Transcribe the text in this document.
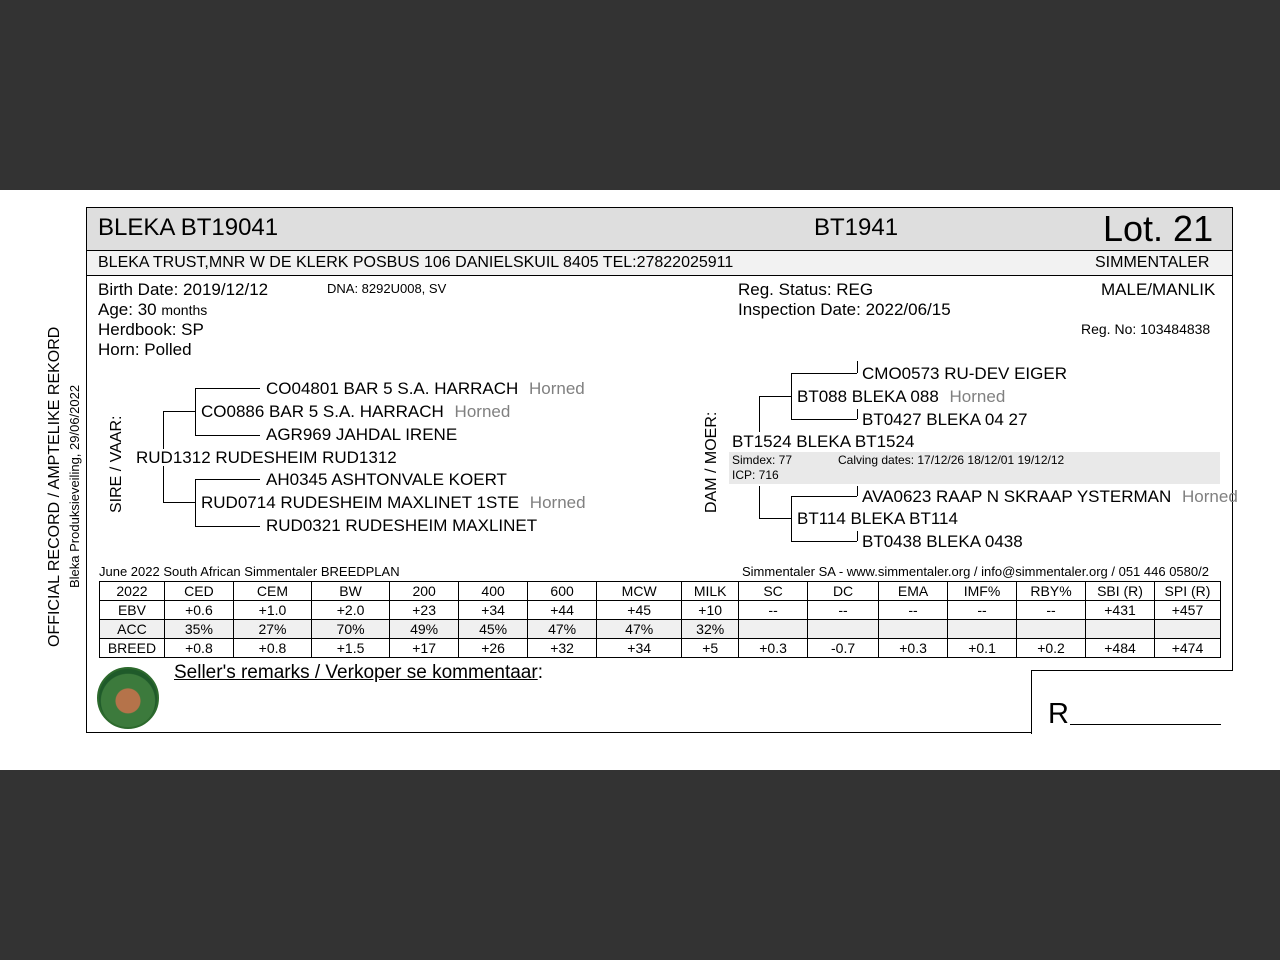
BLEKA BT19041	BT1941	Lot. 21
BLEKA TRUST,MNR W DE KLERK POSBUS 106 DANIELSKUIL 8405 TEL:27822025911	SIMMENTALER
Birth Date: 2019/12/12	DNA: 8292U008, SV
Age: 30 months
Herdbook: SP
Horn: Polled
Reg. Status: REG
Inspection Date: 2022/06/15
MALE/MANLIK
Reg. No: 103484838
OFFICIAL RECORD / AMPTELIKE REKORD Bleka Produksieveiling, 29/06/2022 SIRE / VAAR:	DAM / MOER:
CO04801 BAR 5 S.A. HARRACH Horned
CO0886 BAR 5 S.A. HARRACH Horned
AGR969 JAHDAL IRENE
RUD1312 RUDESHEIM RUD1312
AH0345 ASHTONVALE KOERT
RUD0714 RUDESHEIM MAXLINET 1STE Horned
RUD0321 RUDESHEIM MAXLINET
CMO0573 RU-DEV EIGER
BT088 BLEKA 088 Horned
BT0427 BLEKA 04 27
BT1524 BLEKA BT1524
Simdex: 77	Calving dates: 17/12/26 18/12/01 19/12/12
ICP: 716
AVA0623 RAAP N SKRAAP YSTERMAN Horned
BT114 BLEKA BT114
BT0438 BLEKA 0438
June 2022 South African Simmentaler BREEDPLAN	Simmentaler SA - www.simmentaler.org / info@simmentaler.org / 051 446 0580/2
2022	CED	CEM	BW	200	400	600	MCW	MILK	SC	DC	EMA	IMF%	RBY%	SBI (R)	SPI (R)
EBV	+0.6	+1.0	+2.0	+23	+34	+44	+45	+10	--	--	--	--	--	+431	+457
ACC	35%	27%	70%	49%	45%	47%	47%	32%							
BREED	+0.8	+0.8	+1.5	+17	+26	+32	+34	+5	+0.3	-0.7	+0.3	+0.1	+0.2	+484	+474
Seller's remarks / Verkoper se kommentaar:
R
